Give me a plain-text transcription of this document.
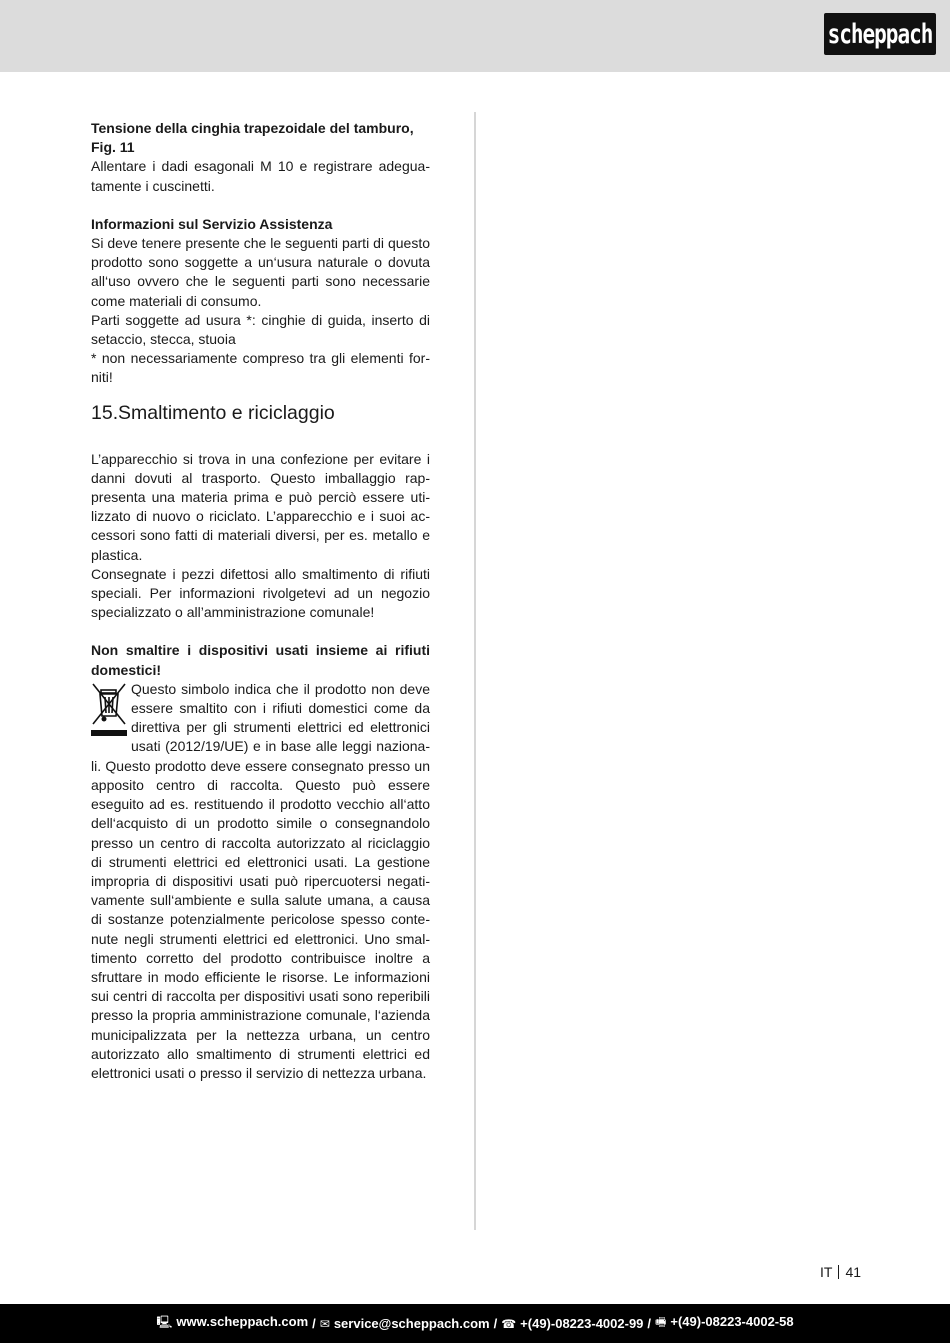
scheppach

Tensione della cinghia trapezoidale del tamburo,
Fig. 11

Allentare i dadi esagonali M 10 e registrare adeguatamente i cuscinetti.

Informazioni sul Servizio Assistenza

Si deve tenere presente che le seguenti parti di questo prodotto sono soggette a un‘usura naturale o dovuta all‘uso ovvero che le seguenti parti sono necessarie come materiali di consumo.

Parti soggette ad usura *: cinghie di guida, inserto di setaccio, stecca, stuoia

* non necessariamente compreso tra gli elementi forniti!

15.Smaltimento e riciclaggio

L’apparecchio si trova in una confezione per evitare i danni dovuti al trasporto. Questo imballaggio rappresenta una materia prima e può perciò essere utilizzato di nuovo o riciclato. L’apparecchio e i suoi accessori sono fatti di materiali diversi, per es. metallo e plastica.

Consegnate i pezzi difettosi allo smaltimento di rifiuti speciali. Per informazioni rivolgetevi ad un negozio specializzato o all’amministrazione comunale!

Non smaltire i dispositivi usati insieme ai rifiuti domestici!

Questo simbolo indica che il prodotto non deve essere smaltito con i rifiuti domestici come da direttiva per gli strumenti elettrici ed elettronici usati (2012/19/UE) e in base alle leggi nazionali. Questo prodotto deve essere consegnato presso un apposito centro di raccolta. Questo può essere eseguito ad es. restituendo il prodotto vecchio all‘atto dell‘acquisto di un prodotto simile o consegnandolo presso un centro di raccolta autorizzato al riciclaggio di strumenti elettrici ed elettronici usati. La gestione impropria di dispositivi usati può ripercuotersi negativamente sull‘ambiente e sulla salute umana, a causa di sostanze potenzialmente pericolose spesso contenute negli strumenti elettrici ed elettronici. Uno smaltimento corretto del prodotto contribuisce inoltre a sfruttare in modo efficiente le risorse. Le informazioni sui centri di raccolta per dispositivi usati sono reperibili presso la propria amministrazione comunale, l‘azienda municipalizzata per la nettezza urbana, un centro autorizzato allo smaltimento di strumenti elettrici ed elettronici usati o presso il servizio di nettezza urbana.

IT 41
🖳 www.scheppach.com / ✉ service@scheppach.com / ☎ +(49)-08223-4002-99 / 🖷 +(49)-08223-4002-58
